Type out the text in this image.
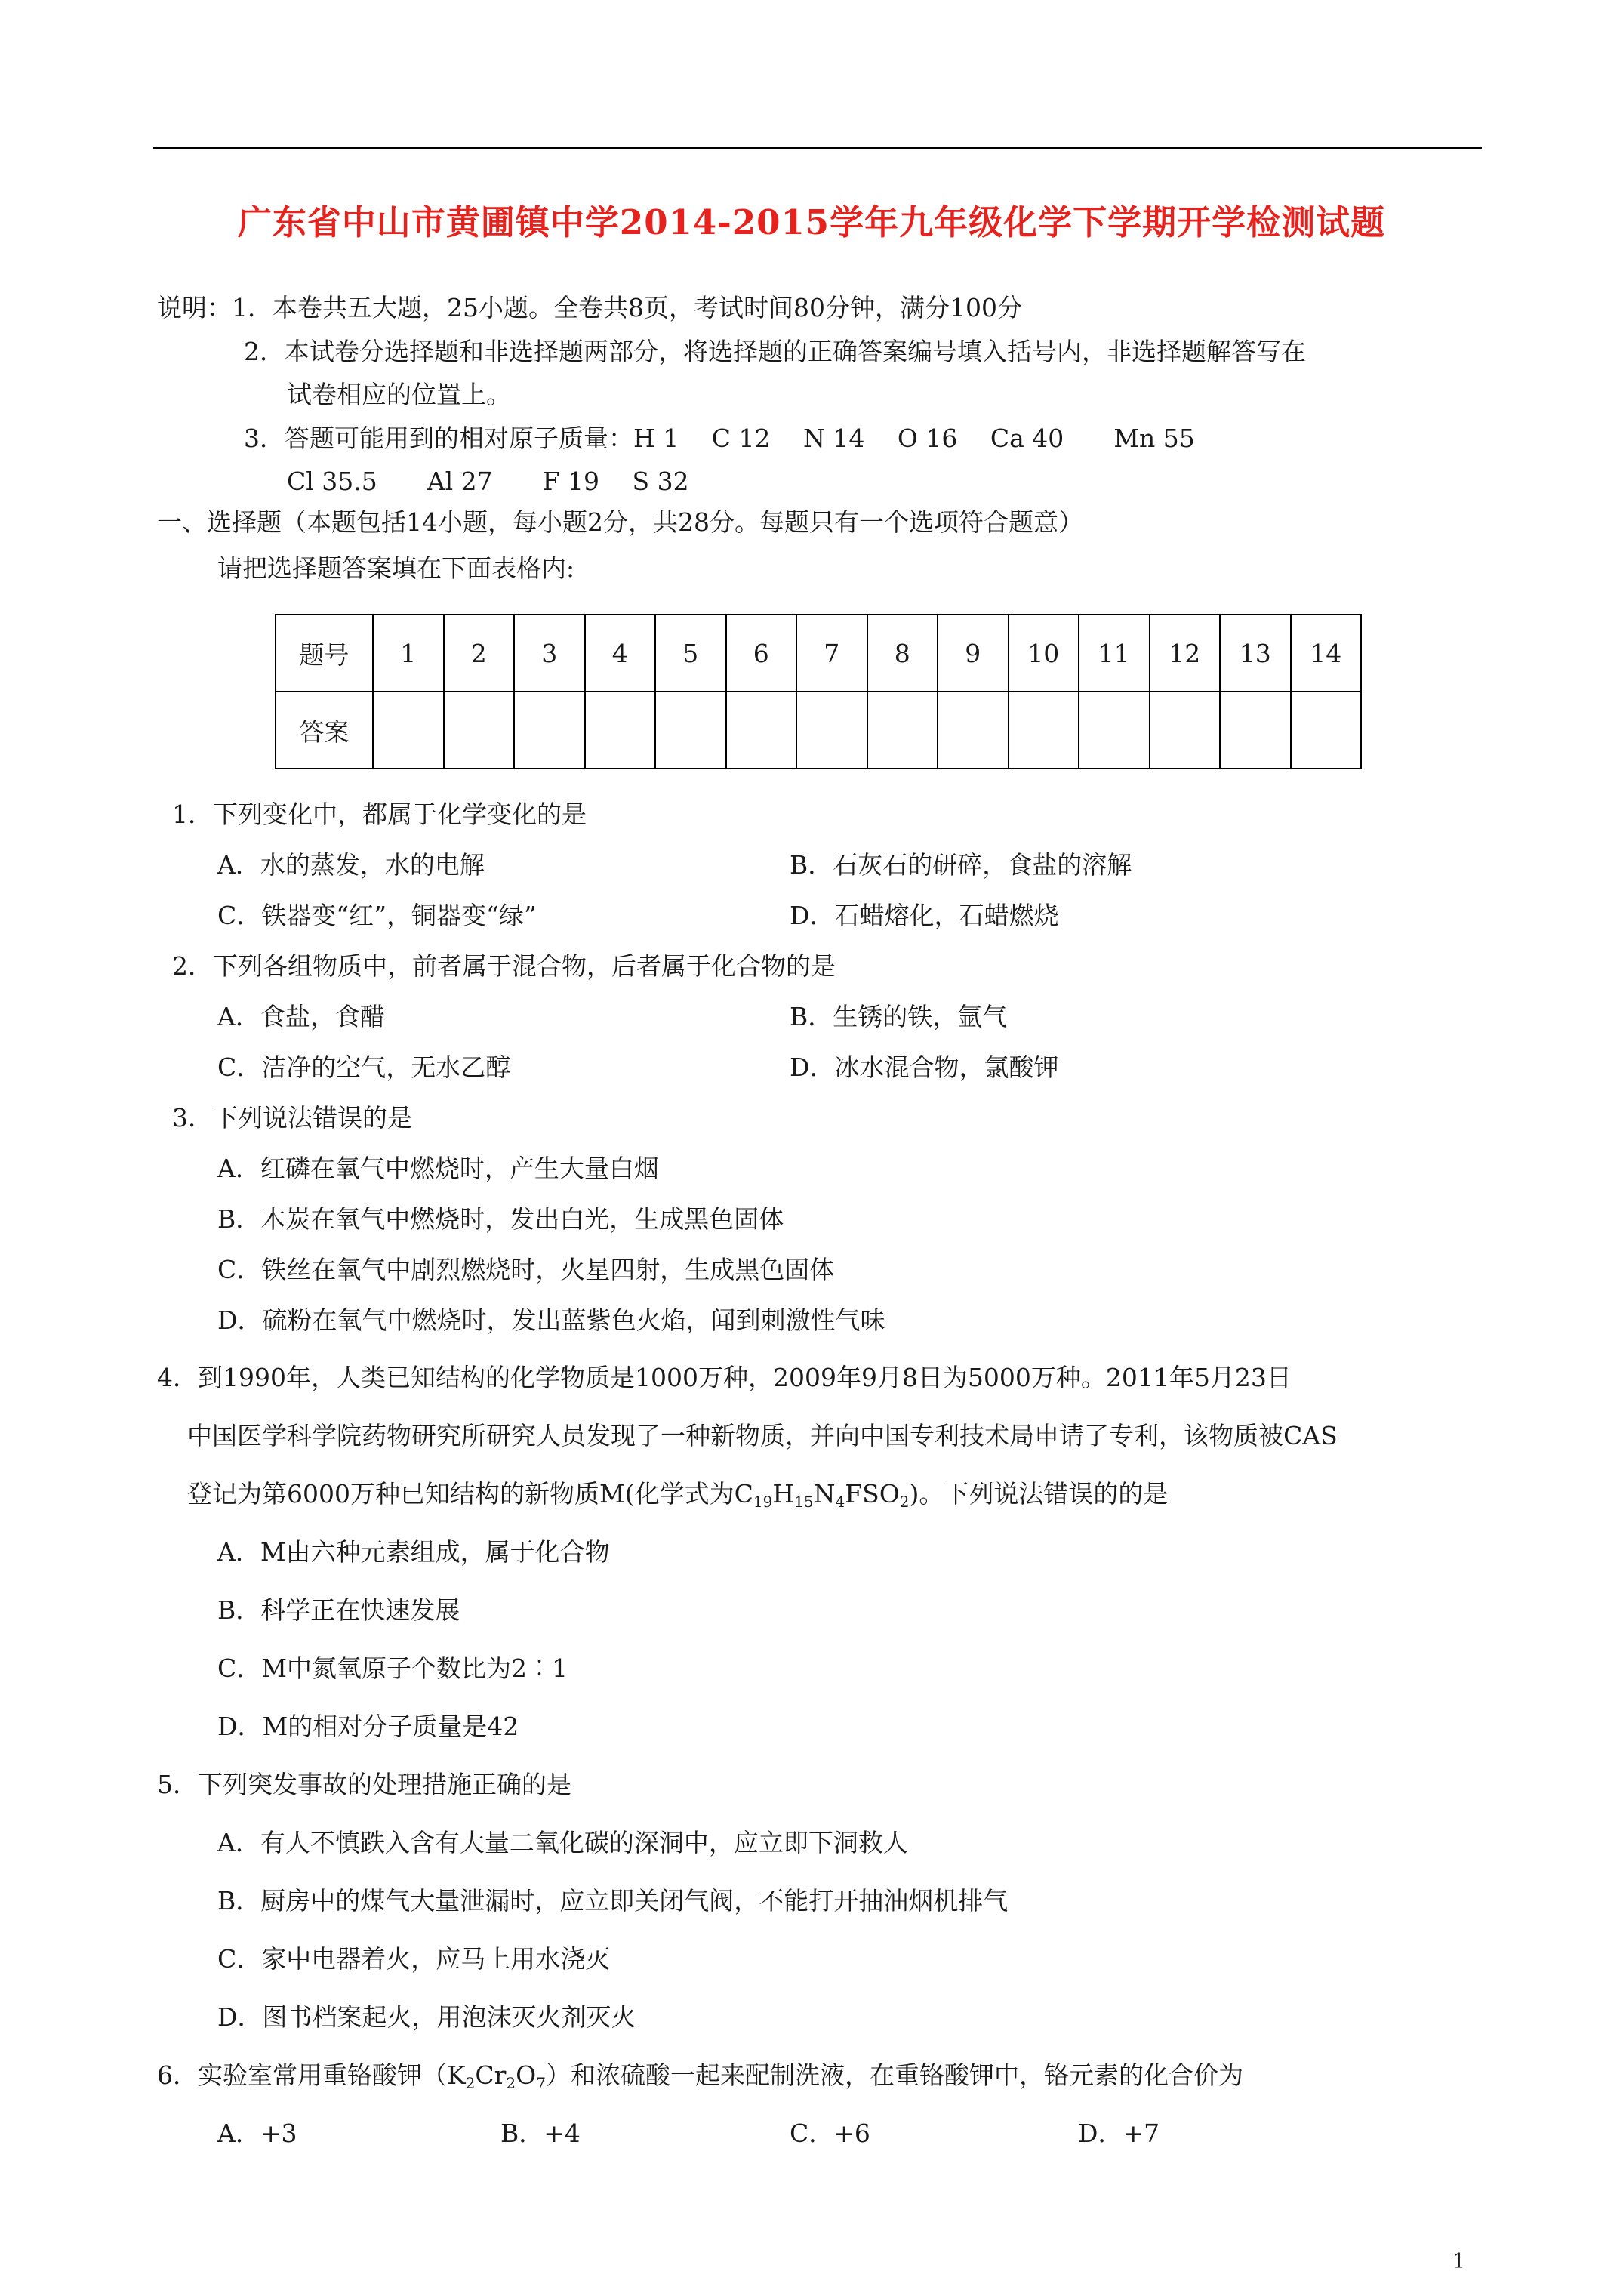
广东省中山市黄圃镇中学2014-2015学年九年级化学下学期开学检测试题
说明：1．本卷共五大题，25小题。全卷共8页，考试时间80分钟，满分100分
2．本试卷分选择题和非选择题两部分，将选择题的正确答案编号填入括号内，非选择题解答写在
试卷相应的位置上。
3．答题可能用到的相对原子质量：H 1　 C 12　 N 14　 O 16　 Ca 40　　Mn 55
Cl 35.5　　Al 27　　F 19　 S 32
一、选择题（本题包括14小题，每小题2分，共28分。每题只有一个选项符合题意）
请把选择题答案填在下面表格内:
题号	1	2	3	4	5	6	7	8	9	10	11	12	13	14
答案														
1．下列变化中，都属于化学变化的是
A．水的蒸发，水的电解	B．石灰石的研碎，食盐的溶解
C．铁器变“红”，铜器变“绿”	D．石蜡熔化，石蜡燃烧
2．下列各组物质中，前者属于混合物，后者属于化合物的是
A．食盐，食醋	B．生锈的铁，氩气
C．洁净的空气，无水乙醇	D．冰水混合物，氯酸钾
3．下列说法错误的是
A．红磷在氧气中燃烧时，产生大量白烟
B．木炭在氧气中燃烧时，发出白光，生成黑色固体
C．铁丝在氧气中剧烈燃烧时，火星四射，生成黑色固体
D．硫粉在氧气中燃烧时，发出蓝紫色火焰，闻到刺激性气味
4．到1990年，人类已知结构的化学物质是1000万种，2009年9月8日为5000万种。2011年5月23日
中国医学科学院药物研究所研究人员发现了一种新物质，并向中国专利技术局申请了专利，该物质被CAS
登记为第6000万种已知结构的新物质M(化学式为$C_{19}H_{15}N_4FSO_2$)。下列说法错误的的是
A．M由六种元素组成，属于化合物
B．科学正在快速发展
C．M中氮氧原子个数比为2︰1
D．M的相对分子质量是42
5．下列突发事故的处理措施正确的是
A．有人不慎跌入含有大量二氧化碳的深洞中，应立即下洞救人
B．厨房中的煤气大量泄漏时，应立即关闭气阀，不能打开抽油烟机排气
C．家中电器着火，应马上用水浇灭
D．图书档案起火，用泡沫灭火剂灭火
6．实验室常用重铬酸钾$(K_2Cr_2O_7)$和浓硫酸一起来配制洗液，在重铬酸钾中，铬元素的化合价为
A．+3	B．+4	C．+6	D．+7
1
